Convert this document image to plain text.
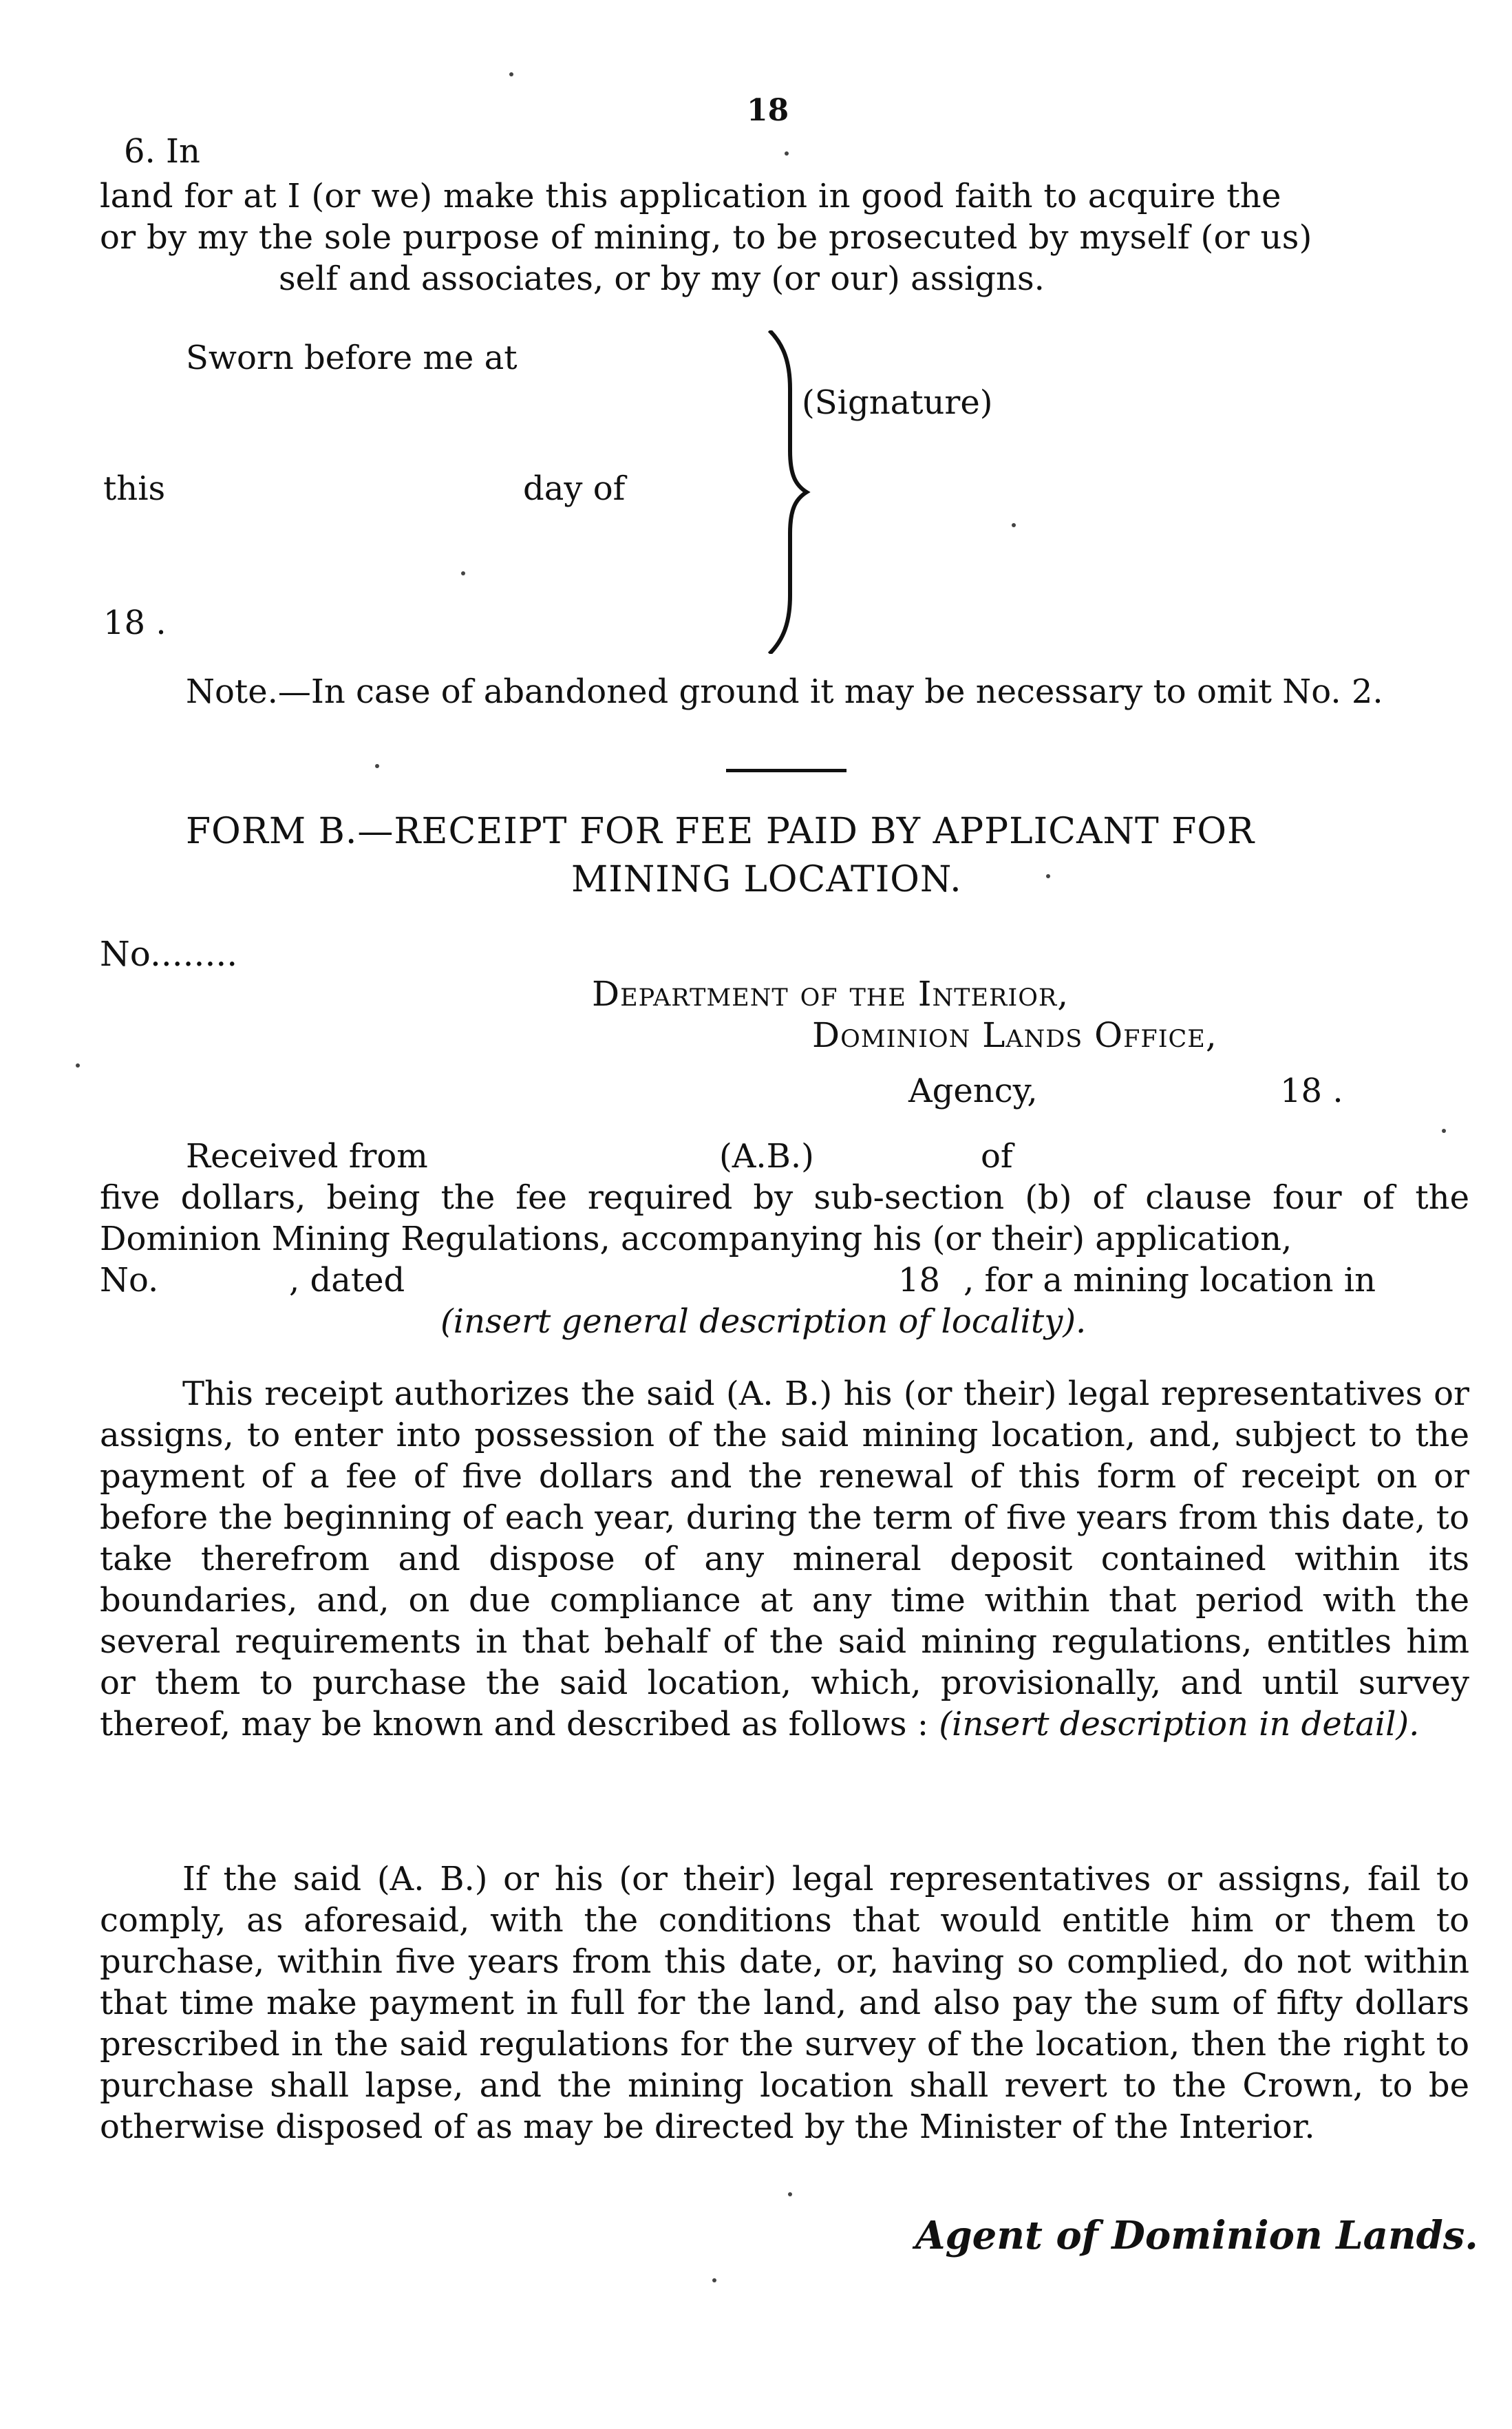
18
6. In
land for at I (or we) make this application in good faith to acquire the
or by my the sole purpose of mining, to be prosecuted by myself (or us)
self and associates, or by my (or our) assigns.
Sworn before me at
(Signature)
this	day of
18 .
Note.—In case of abandoned ground it may be necessary to omit No. 2.
FORM B.—RECEIPT FOR FEE PAID BY APPLICANT FOR
MINING LOCATION.
No........
Department of the Interior,
Dominion Lands Office,
Agency,	18 .
Received from	(A.B.)	of
five dollars, being the fee required by sub-section (b) of clause four of the Dominion Mining Regulations, accompanying his (or their) application,
No.	, dated	18 , for a mining location in
(insert general description of locality).
This receipt authorizes the said (A. B.) his (or their) legal representatives or assigns, to enter into possession of the said mining location, and, subject to the payment of a fee of five dollars and the renewal of this form of receipt on or before the beginning of each year, during the term of five years from this date, to take therefrom and dispose of any mineral deposit contained within its boundaries, and, on due compliance at any time within that period with the several requirements in that behalf of the said mining regulations, entitles him or them to purchase the said location, which, provisionally, and until survey thereof, may be known and described as follows : (insert description in detail).
If the said (A. B.) or his (or their) legal representatives or assigns, fail to comply, as aforesaid, with the conditions that would entitle him or them to purchase, within five years from this date, or, having so complied, do not within that time make payment in full for the land, and also pay the sum of fifty dollars prescribed in the said regulations for the survey of the location, then the right to purchase shall lapse, and the mining location shall revert to the Crown, to be otherwise disposed of as may be directed by the Minister of the Interior.
Agent of Dominion Lands.
